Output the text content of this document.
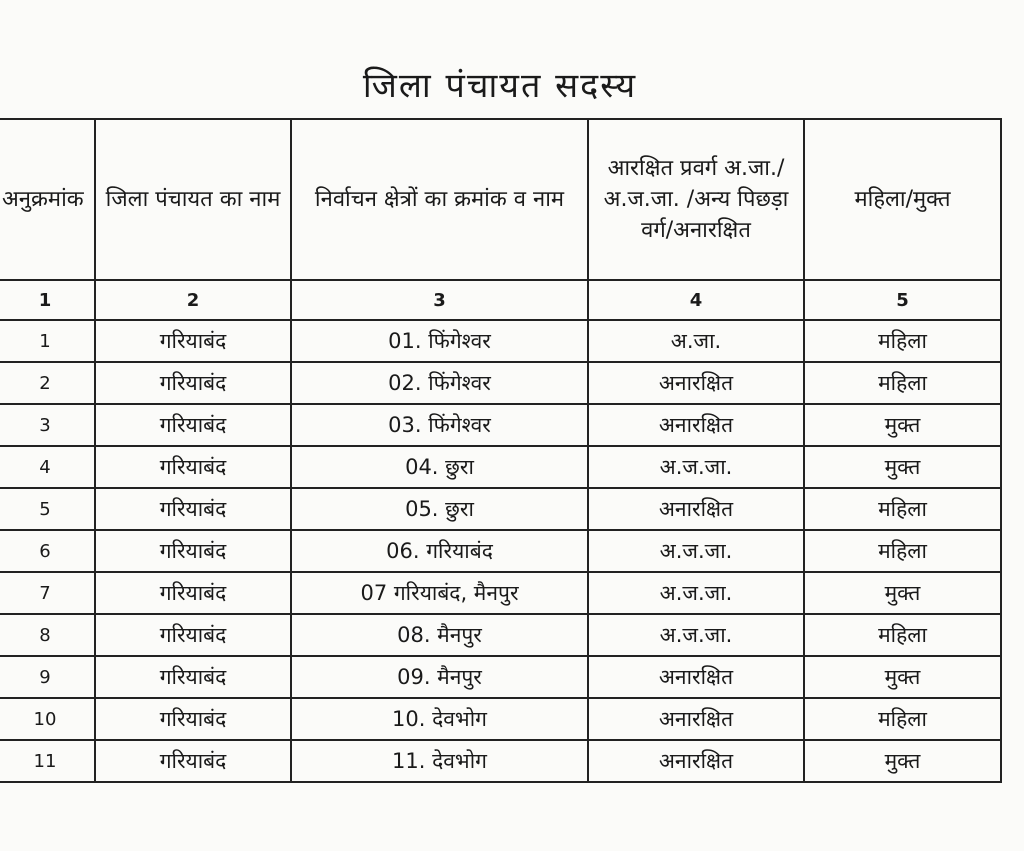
जिला पंचायत सदस्य
अनुक्रमांक	जिला पंचायत का नाम	निर्वाचन क्षेत्रों का क्रमांक व नाम	आरक्षित प्रवर्ग अ.जा./अ.ज.जा. /अन्य पिछड़ा वर्ग/अनारक्षित	महिला/मुक्त
1	2	3	4	5
1	गरियाबंद	01. फिंगेश्वर	अ.जा.	महिला
2	गरियाबंद	02. फिंगेश्वर	अनारक्षित	महिला
3	गरियाबंद	03. फिंगेश्वर	अनारक्षित	मुक्त
4	गरियाबंद	04. छुरा	अ.ज.जा.	मुक्त
5	गरियाबंद	05. छुरा	अनारक्षित	महिला
6	गरियाबंद	06. गरियाबंद	अ.ज.जा.	महिला
7	गरियाबंद	07 गरियाबंद, मैनपुर	अ.ज.जा.	मुक्त
8	गरियाबंद	08. मैनपुर	अ.ज.जा.	महिला
9	गरियाबंद	09. मैनपुर	अनारक्षित	मुक्त
10	गरियाबंद	10. देवभोग	अनारक्षित	महिला
11	गरियाबंद	11. देवभोग	अनारक्षित	मुक्त
